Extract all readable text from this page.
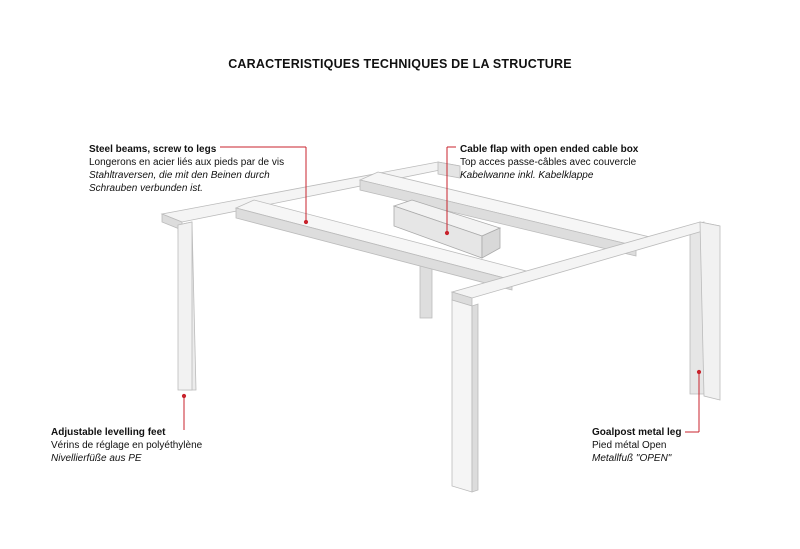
CARACTERISTIQUES TECHNIQUES DE LA STRUCTURE
Steel beams, screw to legs
Longerons en acier liés aux pieds par de vis
Stahltraversen, die mit den Beinen durch Schrauben verbunden ist.
Cable flap with open ended cable box
Top acces passe-câbles avec couvercle
Kabelwanne inkl. Kabelklappe
Adjustable levelling feet
Vérins de réglage en polyéthylène
Nivellierfüße aus PE
Goalpost metal leg
Pied métal Open
Metallfuß "OPEN"
